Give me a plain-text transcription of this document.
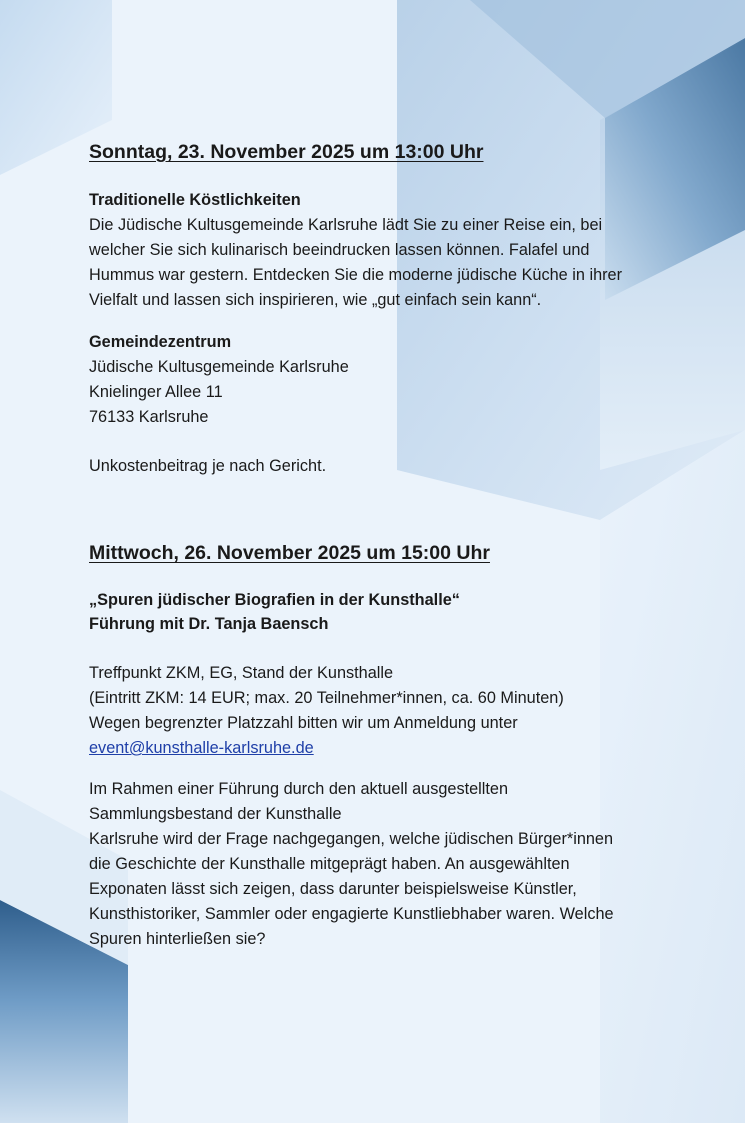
Sonntag, 23. November 2025 um 13:00 Uhr
Traditionelle Köstlichkeiten
Die Jüdische Kultusgemeinde Karlsruhe lädt Sie zu einer Reise ein, bei
welcher Sie sich kulinarisch beeindrucken lassen können. Falafel und
Hummus war gestern. Entdecken Sie die moderne jüdische Küche in ihrer
Vielfalt und lassen sich inspirieren, wie „gut einfach sein kann“.
Gemeindezentrum
Jüdische Kultusgemeinde Karlsruhe
Knielinger Allee 11
76133 Karlsruhe
Unkostenbeitrag je nach Gericht.
Mittwoch, 26. November 2025 um 15:00 Uhr
„Spuren jüdischer Biografien in der Kunsthalle“
Führung mit Dr. Tanja Baensch
Treffpunkt ZKM, EG, Stand der Kunsthalle
(Eintritt ZKM: 14 EUR; max. 20 Teilnehmer*innen, ca. 60 Minuten)
Wegen begrenzter Platzzahl bitten wir um Anmeldung unter
event@kunsthalle-karlsruhe.de
Im Rahmen einer Führung durch den aktuell ausgestellten
Sammlungsbestand der Kunsthalle
Karlsruhe wird der Frage nachgegangen, welche jüdischen Bürger*innen
die Geschichte der Kunsthalle mitgeprägt haben. An ausgewählten
Exponaten lässt sich zeigen, dass darunter beispielsweise Künstler,
Kunsthistoriker, Sammler oder engagierte Kunstliebhaber waren. Welche
Spuren hinterließen sie?
